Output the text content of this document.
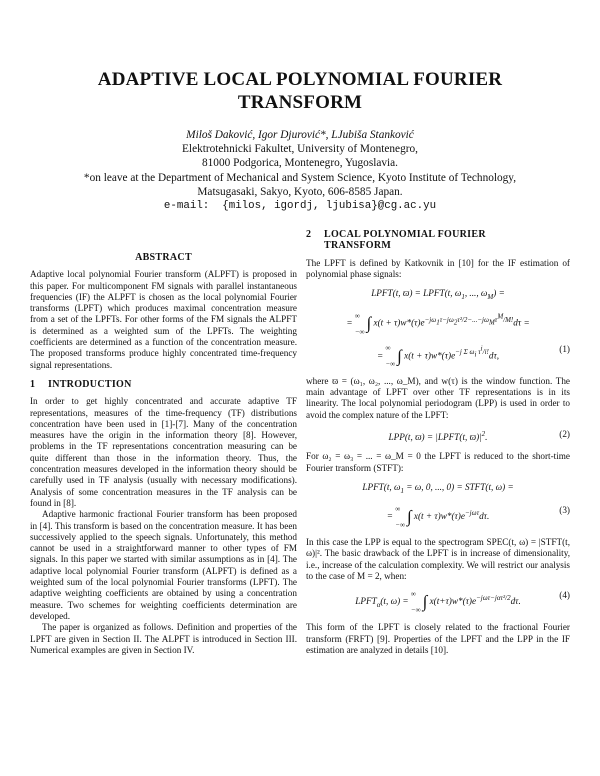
ADAPTIVE LOCAL POLYNOMIAL FOURIER
TRANSFORM
Miloš Daković, Igor Djurović*, LJubiša Stanković
Elektrotehnicki Fakultet, University of Montenegro,
81000 Podgorica, Montenegro, Yugoslavia.
*on leave at the Department of Mechanical and System Science, Kyoto Institute of Technology,
Matsugasaki, Sakyo, Kyoto, 606-8585 Japan.
e-mail:  {milos, igordj, ljubisa}@cg.ac.yu
ABSTRACT

Adaptive local polynomial Fourier transform (ALPFT) is proposed in this paper. For multicomponent FM signals with parallel instantaneous frequencies (IF) the ALPFT is chosen as the local polynomial Fourier transforms (LPFT) which produces maximal concentration measure from a set of the LPFTs. For other forms of the FM signals the ALPFT is determined as a weighted sum of the LPFTs. The weighting coefficients are determined as a function of the concentration measure. The proposed transforms produce highly concentrated time-frequency signal representations.

1	INTRODUCTION

In order to get highly concentrated and accurate adaptive TF representations, measures of the time-frequency (TF) distributions concentration have been used in [1]-[7]. Many of the concentration measures have the origin in the information theory [8]. However, problems in the TF representations concentration measuring can be quite different than those in the information theory. Thus, the concentration measures developed in the information theory should be carefully used in TF analysis (usually with necessary modifications). Analysis of some concentration measures in the TF analysis can be found in [8].

Adaptive harmonic fractional Fourier transform has been proposed in [4]. This transform is based on the concentration measure. It has been successively applied to the speech signals. Unfortunately, this method cannot be used in a straightforward manner to other types of FM signals. In this paper we started with similar assumptions as in [4]. The adaptive local polynomial Fourier transform (ALPFT) is defined as a weighted sum of the local polynomial Fourier transforms (LPFT). The adaptive weighting coefficients are obtained by using a concentration measure. Two schemes for weighting coefficients determination are developed.

The paper is organized as follows. Definition and properties of the LPFT are given in Section II. The ALPFT is introduced in Section III. Numerical examples are given in Section IV.

2	LOCAL POLYNOMIAL FOURIER
TRANSFORM

The LPFT is defined by Katkovnik in [10] for the IF estimation of polynomial phase signals:

LPFT(t, ϖ) = LPFT(t, $\omega_1$, ..., $\omega_M$) =
= ∞

−∞ ∫ $x(t + \tau)w*(\tau)e^{-j\omega_1\tau-j\omega_2\tau^2/2-...-j\omega_M\tau^M/M!}d\tau$ =
= ∞

−∞ ∫ $x(t + \tau)w*(\tau)e^{-j \Sigma \omega_i \tau^i/i!}d\tau$,
(1)

where ϖ = (ω₁, ω₂, ..., ω_M), and w(τ) is the window function. The main advantage of LPFT over other TF representations is in its linearity. The local polynomial periodogram (LPP) is used in order to avoid the complex nature of the LPFT:

LPP(t, ϖ) = |LPFT(t, $ϖ)|^2$.	(2)

For ω₂ = ω₃ = ... = ω_M = 0 the LPFT is reduced to the short-time Fourier transform (STFT):

LPFT(t, $\omega_1 = \omega$, 0, ..., 0) = STFT(t, ω) =
= ∞

−∞ ∫ $x(t + \tau)w*(\tau)e^{-j\omega\tau}d\tau$.
(3)

In this case the LPP is equal to the spectrogram SPEC(t, ω) = |STFT(t, ω)|². The basic drawback of the LPFT is in increase of dimensionality, i.e., increase of the calculation complexity. We will restrict our analysis to the case of M = 2, when:

$LPFT_\alpha(t$, ω) = ∞

−∞ ∫ $x(t+\tau)w*(\tau)e^{-j\omega\tau-j\alpha\tau^2/2}d\tau$.
(4)

This form of the LPFT is closely related to the fractional Fourier transform (FRFT) [9]. Properties of the LPFT and the LPP in the IF estimation are analyzed in details [10].
